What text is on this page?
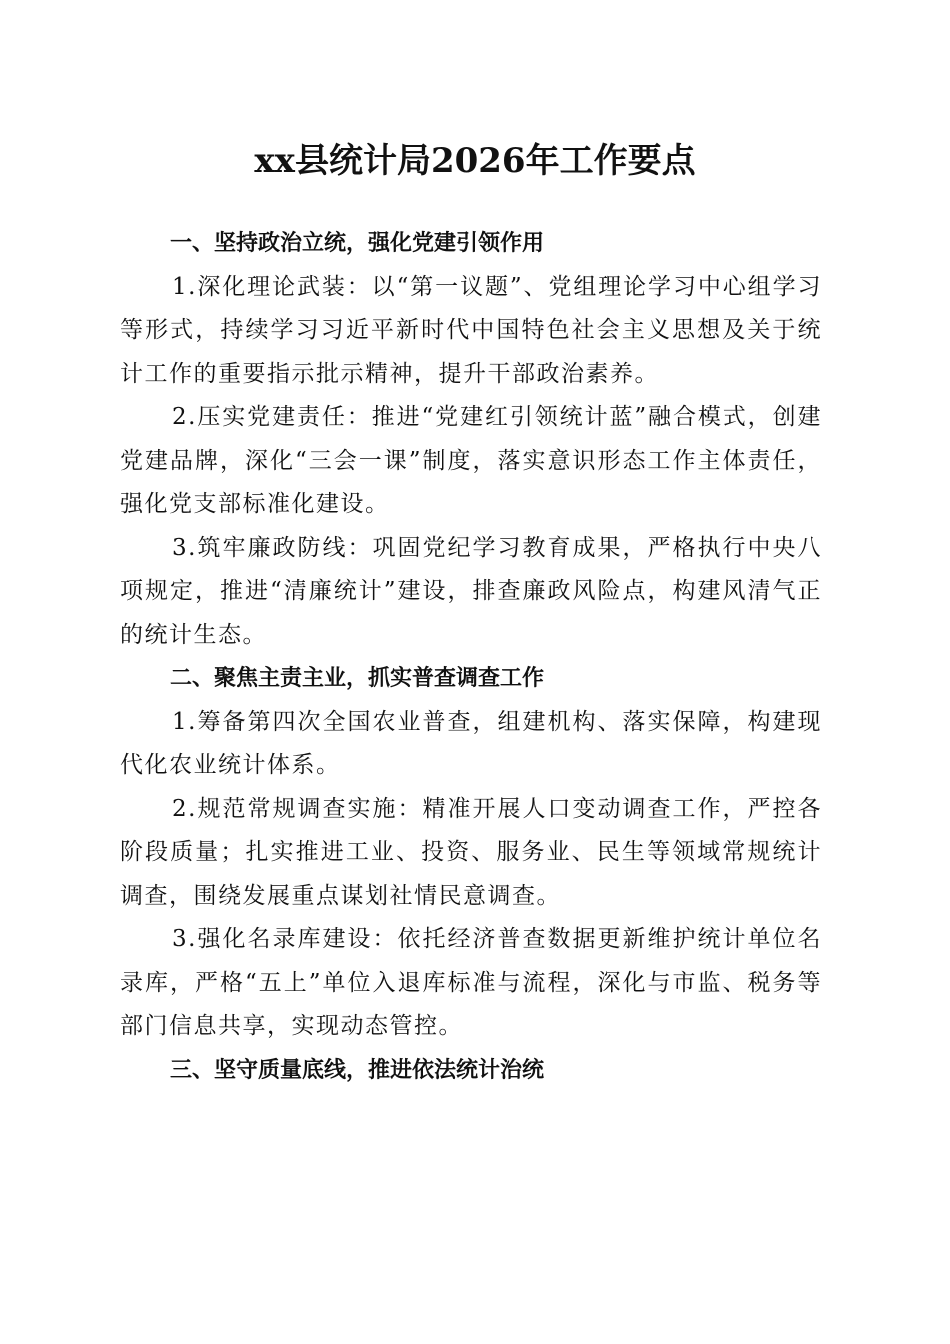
xx县统计局2026年工作要点
一、坚持政治立统，强化党建引领作用

1.深化理论武装：以“第一议题”、党组理论学习中心组学习等形式，持续学习习近平新时代中国特色社会主义思想及关于统计工作的重要指示批示精神，提升干部政治素养。

2.压实党建责任：推进“党建红引领统计蓝”融合模式，创建党建品牌，深化“三会一课”制度，落实意识形态工作主体责任，强化党支部标准化建设。

3.筑牢廉政防线：巩固党纪学习教育成果，严格执行中央八项规定，推进“清廉统计”建设，排查廉政风险点，构建风清气正的统计生态。

二、聚焦主责主业，抓实普查调查工作

1.筹备第四次全国农业普查，组建机构、落实保障，构建现代化农业统计体系。

2.规范常规调查实施：精准开展人口变动调查工作，严控各阶段质量；扎实推进工业、投资、服务业、民生等领域常规统计调查，围绕发展重点谋划社情民意调查。

3.强化名录库建设：依托经济普查数据更新维护统计单位名录库，严格“五上”单位入退库标准与流程，深化与市监、税务等部门信息共享，实现动态管控。

三、坚守质量底线，推进依法统计治统
